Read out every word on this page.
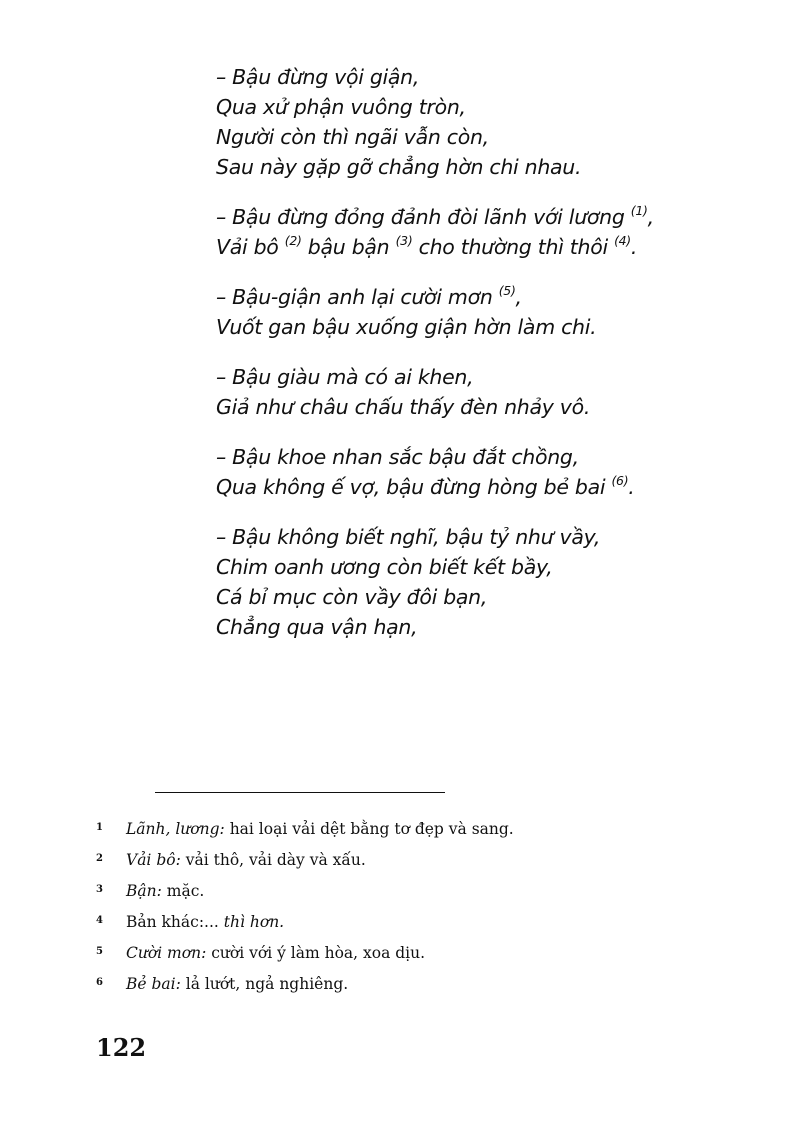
– Bậu đừng vội giận,
Qua xử phận vuông tròn,
Người còn thì ngãi vẫn còn,
Sau này gặp gỡ chẳng hờn chi nhau.
– Bậu đừng đỏng đảnh đòi lãnh với lương $^{(1)}$,
Vải bô $^{(2)}$ bậu bận $^{(3)}$ cho thường thì thôi $^{(4)}$.
– Bậu-giận anh lại cười mơn $^{(5)}$,
Vuốt gan bậu xuống giận hờn làm chi.
– Bậu giàu mà có ai khen,
Giả như châu chấu thấy đèn nhảy vô.
– Bậu khoe nhan sắc bậu đắt chồng,
Qua không ế vợ, bậu đừng hòng bẻ bai $^{(6)}$.
– Bậu không biết nghĩ, bậu tỷ như vầy,
Chim oanh ương còn biết kết bầy,
Cá bỉ mục còn vầy đôi bạn,
Chẳng qua vận hạn,
1 Lãnh, lương: hai loại vải dệt bằng tơ đẹp và sang.
2 Vải bô: vải thô, vải dày và xấu.
3 Bận: mặc.
4 Bản khác:... thì hơn.
5 Cười mơn: cười với ý làm hòa, xoa dịu.
6 Bẻ bai: lả lướt, ngả nghiêng.
122
